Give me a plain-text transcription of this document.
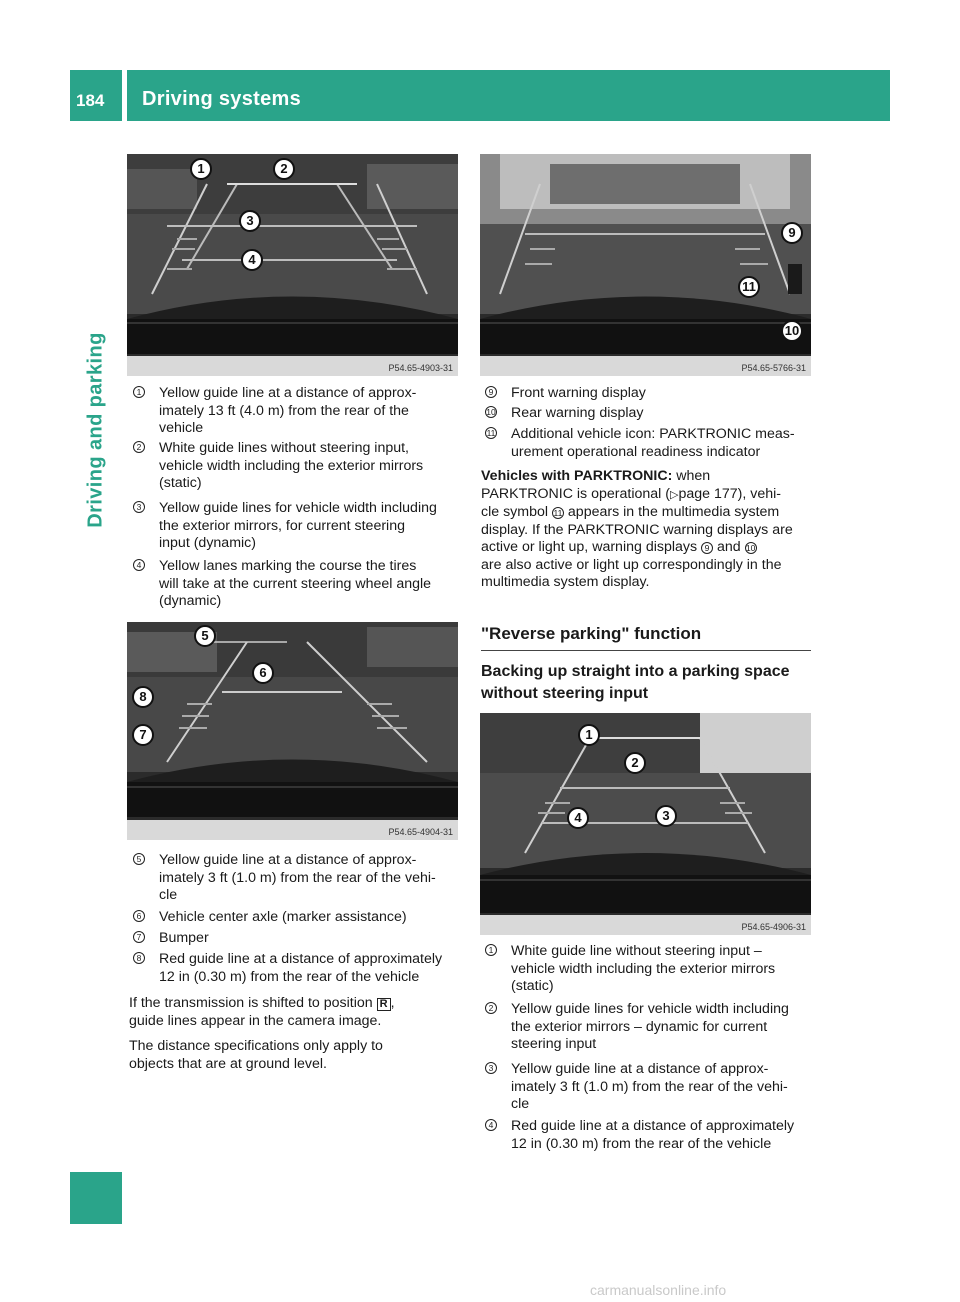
184 Driving systems
Driving and parking
1	2
3
4
P54.65-4903-31
1	Yellow guide line at a distance of approx-
imately 13 ft (4.0 m) from the rear of the
vehicle
2	White guide lines without steering input,
vehicle width including the exterior mirrors
(static)
3	Yellow guide lines for vehicle width including
the exterior mirrors, for current steering
input (dynamic)
4	Yellow lanes marking the course the tires
will take at the current steering wheel angle
(dynamic)
5
6
8
7
P54.65-4904-31
5	Yellow guide line at a distance of approx-
imately 3 ft (1.0 m) from the rear of the vehi-
cle
6	Vehicle center axle (marker assistance)
7	Bumper
8	Red guide line at a distance of approximately
12 in (0.30 m) from the rear of the vehicle
If the transmission is shifted to position R ,
guide lines appear in the camera image.
The distance specifications only apply to
objects that are at ground level.
9
11
10
P54.65-5766-31
9	Front warning display
10	Rear warning display
11	Additional vehicle icon: PARKTRONIC meas-
urement operational readiness indicator
Vehicles with PARKTRONIC: when
PARKTRONIC is operational (▷page 177), vehi-
cle symbol 11 appears in the multimedia system
display. If the PARKTRONIC warning displays are
active or light up, warning displays 9 and 10
are also active or light up correspondingly in the
multimedia system display.
"Reverse parking" function
Backing up straight into a parking space
without steering input
1
2
4	3
P54.65-4906-31
1	White guide line without steering input –
vehicle width including the exterior mirrors
(static)
2	Yellow guide lines for vehicle width including
the exterior mirrors – dynamic for current
steering input
3	Yellow guide line at a distance of approx-
imately 3 ft (1.0 m) from the rear of the vehi-
cle
4	Red guide line at a distance of approximately
12 in (0.30 m) from the rear of the vehicle
carmanualsonline.info
